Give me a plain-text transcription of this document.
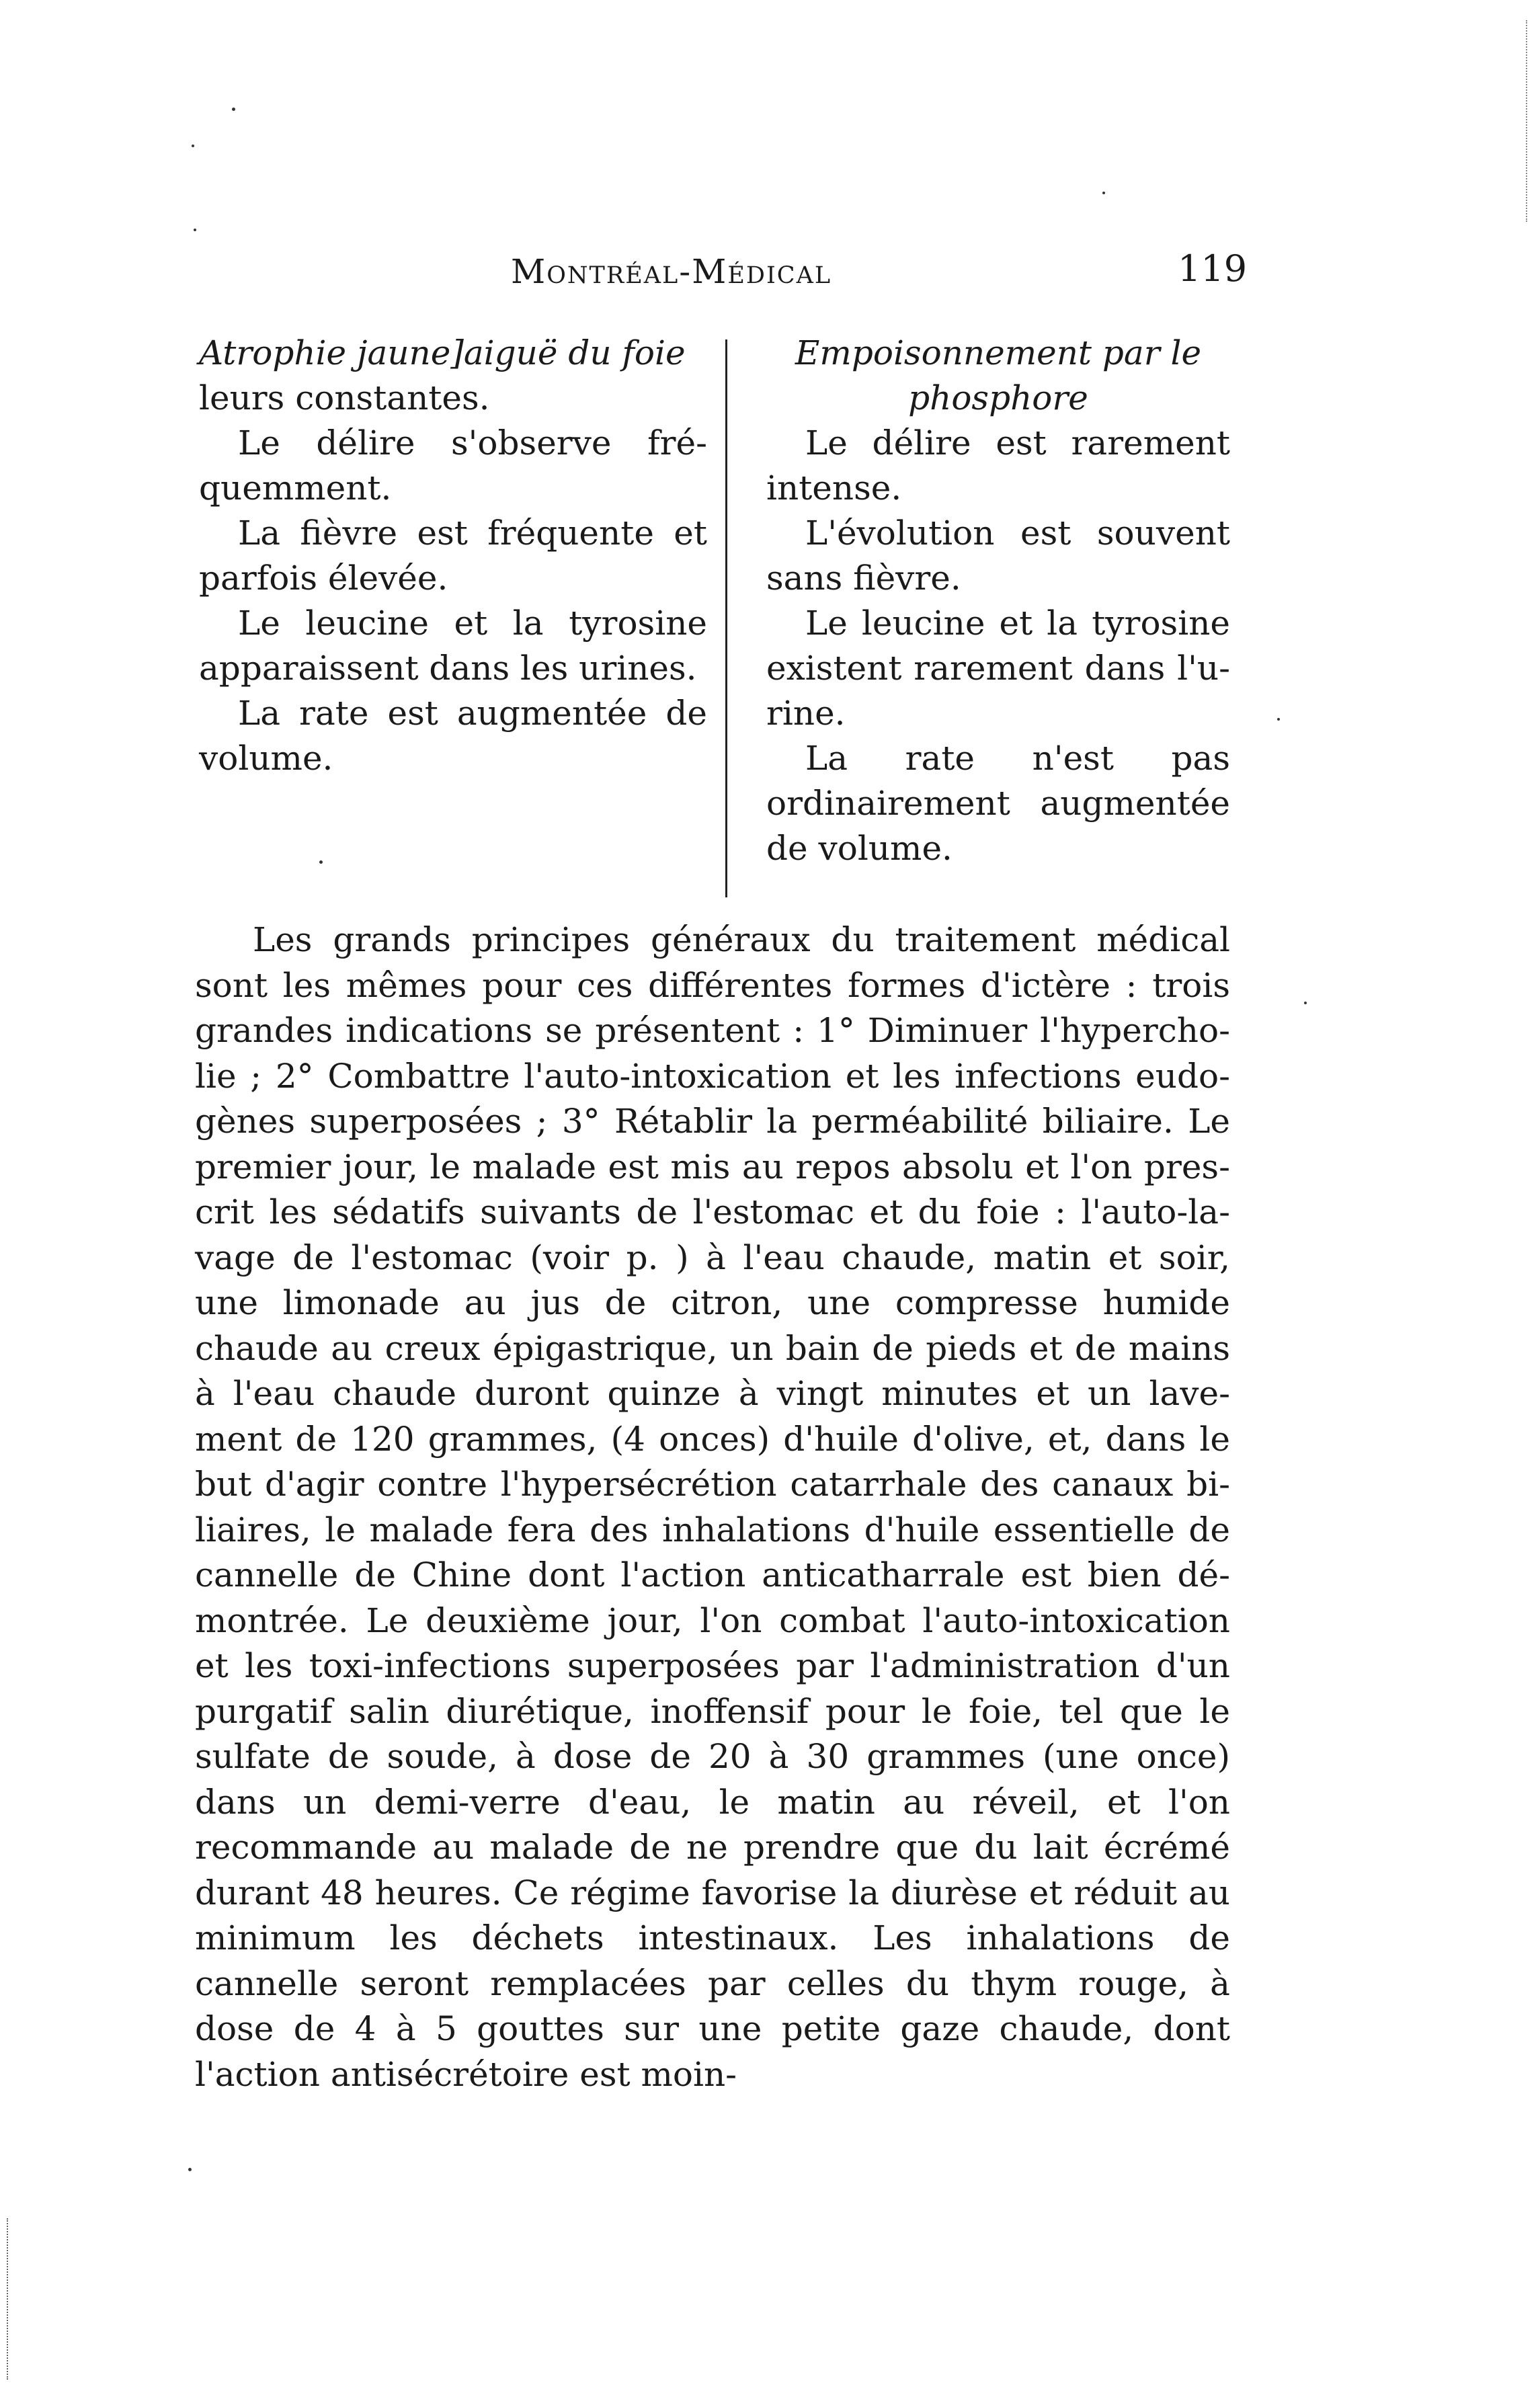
Montréal-Médical	119
Atrophie jaune]aiguë du foie
leurs constantes.
Le délire s'observe fréquemment.
La fièvre est fréquente et parfois élevée.
Le leucine et la tyrosine apparaissent dans les urines.
La rate est augmentée de volume.
Empoisonnement par le
phosphore
Le délire est rarement intense.
L'évolution est souvent sans fièvre.
Le leucine et la tyrosine existent rarement dans l'urine.
La rate n'est pas ordinairement augmentée de volume.
Les grands principes généraux du traitement médical sont les mêmes pour ces différentes formes d'ictère : trois grandes indications se présentent : 1° Diminuer l'hypercholie ; 2° Combattre l'auto-intoxication et les infections eudogènes superposées ; 3° Rétablir la perméabilité biliaire. Le premier jour, le malade est mis au repos absolu et l'on prescrit les sédatifs suivants de l'estomac et du foie : l'auto-lavage de l'estomac (voir p. ) à l'eau chaude, matin et soir, une limonade au jus de citron, une compresse humide chaude au creux épigastrique, un bain de pieds et de mains à l'eau chaude duront quinze à vingt minutes et un lavement de 120 grammes, (4 onces) d'huile d'olive, et, dans le but d'agir contre l'hypersécrétion catarrhale des canaux biliaires, le malade fera des inhalations d'huile essentielle de cannelle de Chine dont l'action anticatharrale est bien démontrée. Le deuxième jour, l'on combat l'auto-intoxication et les toxi-infections superposées par l'administration d'un purgatif salin diurétique, inoffensif pour le foie, tel que le sulfate de soude, à dose de 20 à 30 grammes (une once) dans un demi-verre d'eau, le matin au réveil, et l'on recommande au malade de ne prendre que du lait écrémé durant 48 heures. Ce régime favorise la diurèse et réduit au minimum les déchets intestinaux. Les inhalations de cannelle seront remplacées par celles du thym rouge, à dose de 4 à 5 gouttes sur une petite gaze chaude, dont l'action antisécrétoire est moin-
